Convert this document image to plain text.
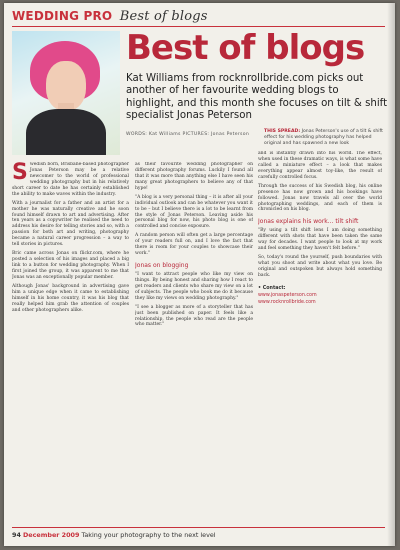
WEDDING PRO Best of blogs
Best of blogs
Kat Williams from rocknrollbride.com picks out another of her favourite wedding blogs to highlight, and this month she focuses on tilt & shift specialist Jonas Peterson
WORDS: Kat Williams PICTURES: Jonas Peterson
THIS SPREAD: Jonas Peterson's use of a tilt & shift effect for his wedding photography has helped original and has spawned a new look

Swedish born, Brisbane-based photographer Jonas Peterson may be a relative newcomer to the world of professional wedding photography but in his relatively short career to date he has certainly established the ability to make waves within the industry.

With a journalist for a father and an artist for a mother he was naturally creative and he soon found himself drawn to art and advertising. After ten years as a copywriter he realised the need to address his desire for telling stories and so, with a passion for both art and writing, photography became a natural career progression – a way to tell stories in pictures.

Bric came across Jonas on flickr.com, where he posted a selection of his images and placed a big link to a button for wedding photography. When I first joined the group, it was apparent to me that Jonas was an exceptionally popular member.

Although Jonas' background in advertising gave him a unique edge when it came to establishing himself in his home country, it was his blog that really helped him grab the attention of couples and other photographers alike.

as their favourite wedding photographer on different photography forums. Luckily I found all that it was more than anything else I have seen his many great photographers to believe any of that hype!

"A blog is a very personal thing – it is after all your individual outlook and can be whatever you want it to be – but I believe there is a lot to be learnt from the style of Jonas Peterson. Leaving aside his personal blog for now, his photo blog is one of controlled and concise exposure.

A random person will often get a large percentage of your readers full on, and I love the fact that there is room for your couples to showcase their work."

Jonas on blogging

"I want to attract people who like my view on things. By being honest and sharing how I react to get readers and clients who share my view on a lot of subjects. The people who book me do it because they like my views on wedding photography."

"I see a blogger as more of a storyteller that has just been published on paper. It feels like a relationship, the people who read are the people who matter."

and is instantly drawn into his world. The effect, when used in these dramatic ways, is what some have called a miniature effect – a look that makes everything appear almost toy-like, the result of carefully controlled focus.

Through the success of his Swedish blog, his online presence has now grown and his bookings have followed. Jonas now travels all over the world photographing weddings, and each of them is chronicled on his blog.

Jonas explains his work... tilt shift

"By using a tilt shift lens I am doing something different with shots that have been taken the same way for decades. I want people to look at my work and feel something they haven't felt before."

So, today's round the yourself, push boundaries with what you shoot and write about what you love. Be original and outspoken but always hold something back.

• Contact:
www.jonaspeterson.com
www.rocknrollbride.com
94 December 2009 Taking your photography to the next level
